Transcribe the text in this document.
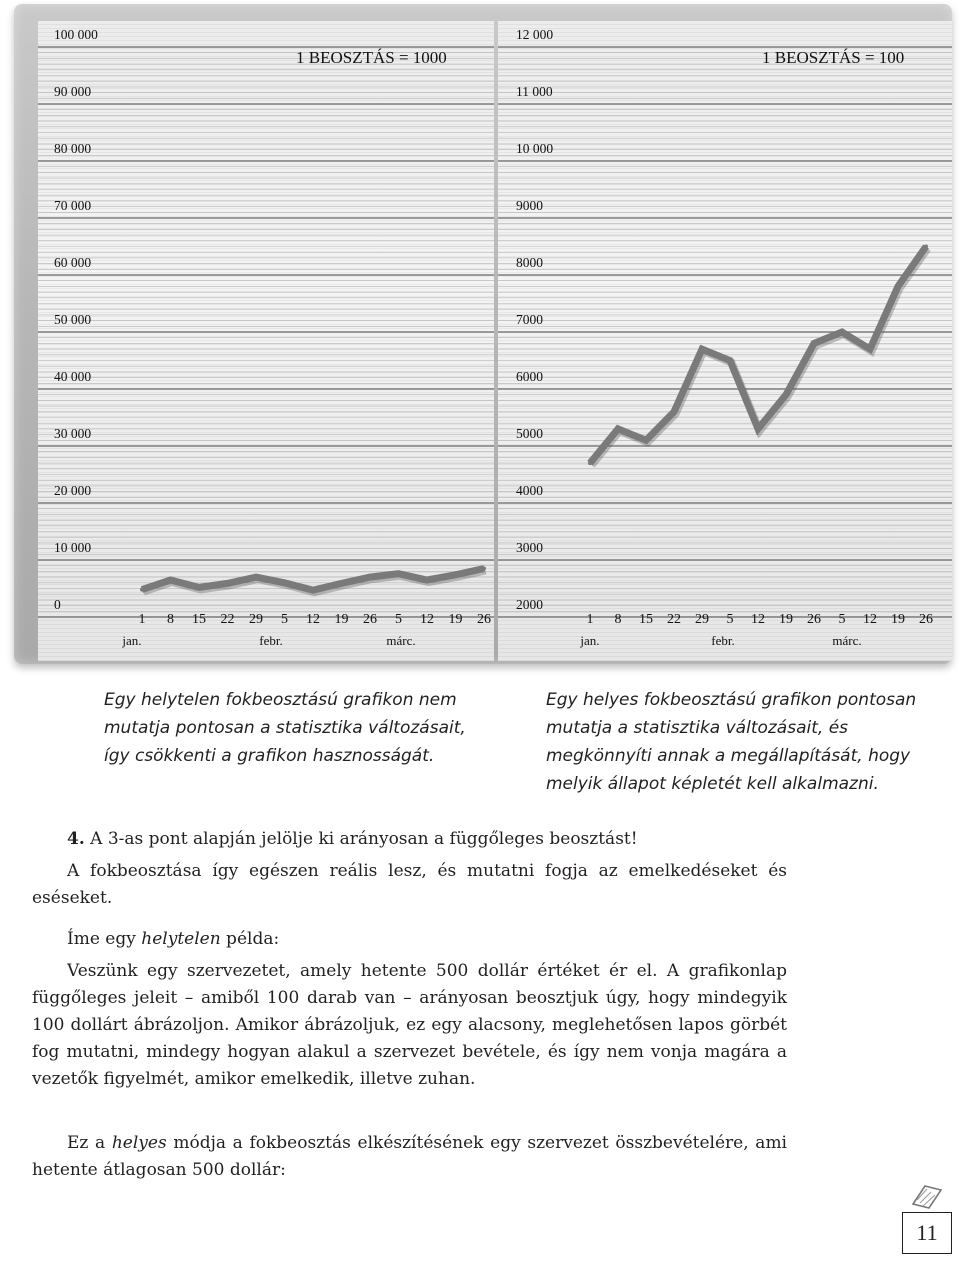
100 000
90 000
80 000
70 000
60 000
50 000
40 000
30 000
20 000
10 000
0
1 BEOSZTÁS = 1000
1 8 15 22 29 5 12 19 26 5 12 19 26
jan.	febr.	márc.
12 000
11 000
10 000
9000
8000
7000
6000
5000
4000
3000
2000
1 BEOSZTÁS = 100
1 8 15 22 29 5 12 19 26 5 12 19 26
jan.	febr.	márc.

Egy helytelen fokbeosztású grafikon nem mutatja pontosan a statisztika változásait, így csökkenti a grafikon hasznosságát.

Egy helyes fokbeosztású grafikon pontosan mutatja a statisztika változásait, és megkönnyíti annak a megállapítását, hogy melyik állapot képletét kell alkalmazni.

4. A 3-as pont alapján jelölje ki arányosan a függőleges beosztást!

A fokbeosztása így egészen reális lesz, és mutatni fogja az emelkedéseket és eséseket.

Íme egy helytelen példa:

Veszünk egy szervezetet, amely hetente 500 dollár értéket ér el. A grafikonlap függőleges jeleit – amiből 100 darab van – arányosan beosztjuk úgy, hogy mindegyik 100 dollárt ábrázoljon. Amikor ábrázoljuk, ez egy alacsony, meglehetősen lapos görbét fog mutatni, mindegy hogyan alakul a szervezet bevétele, és így nem vonja magára a vezetők figyelmét, amikor emelkedik, illetve zuhan.

Ez a helyes módja a fokbeosztás elkészítésének egy szervezet összbevételére, ami hetente átlagosan 500 dollár:

11
